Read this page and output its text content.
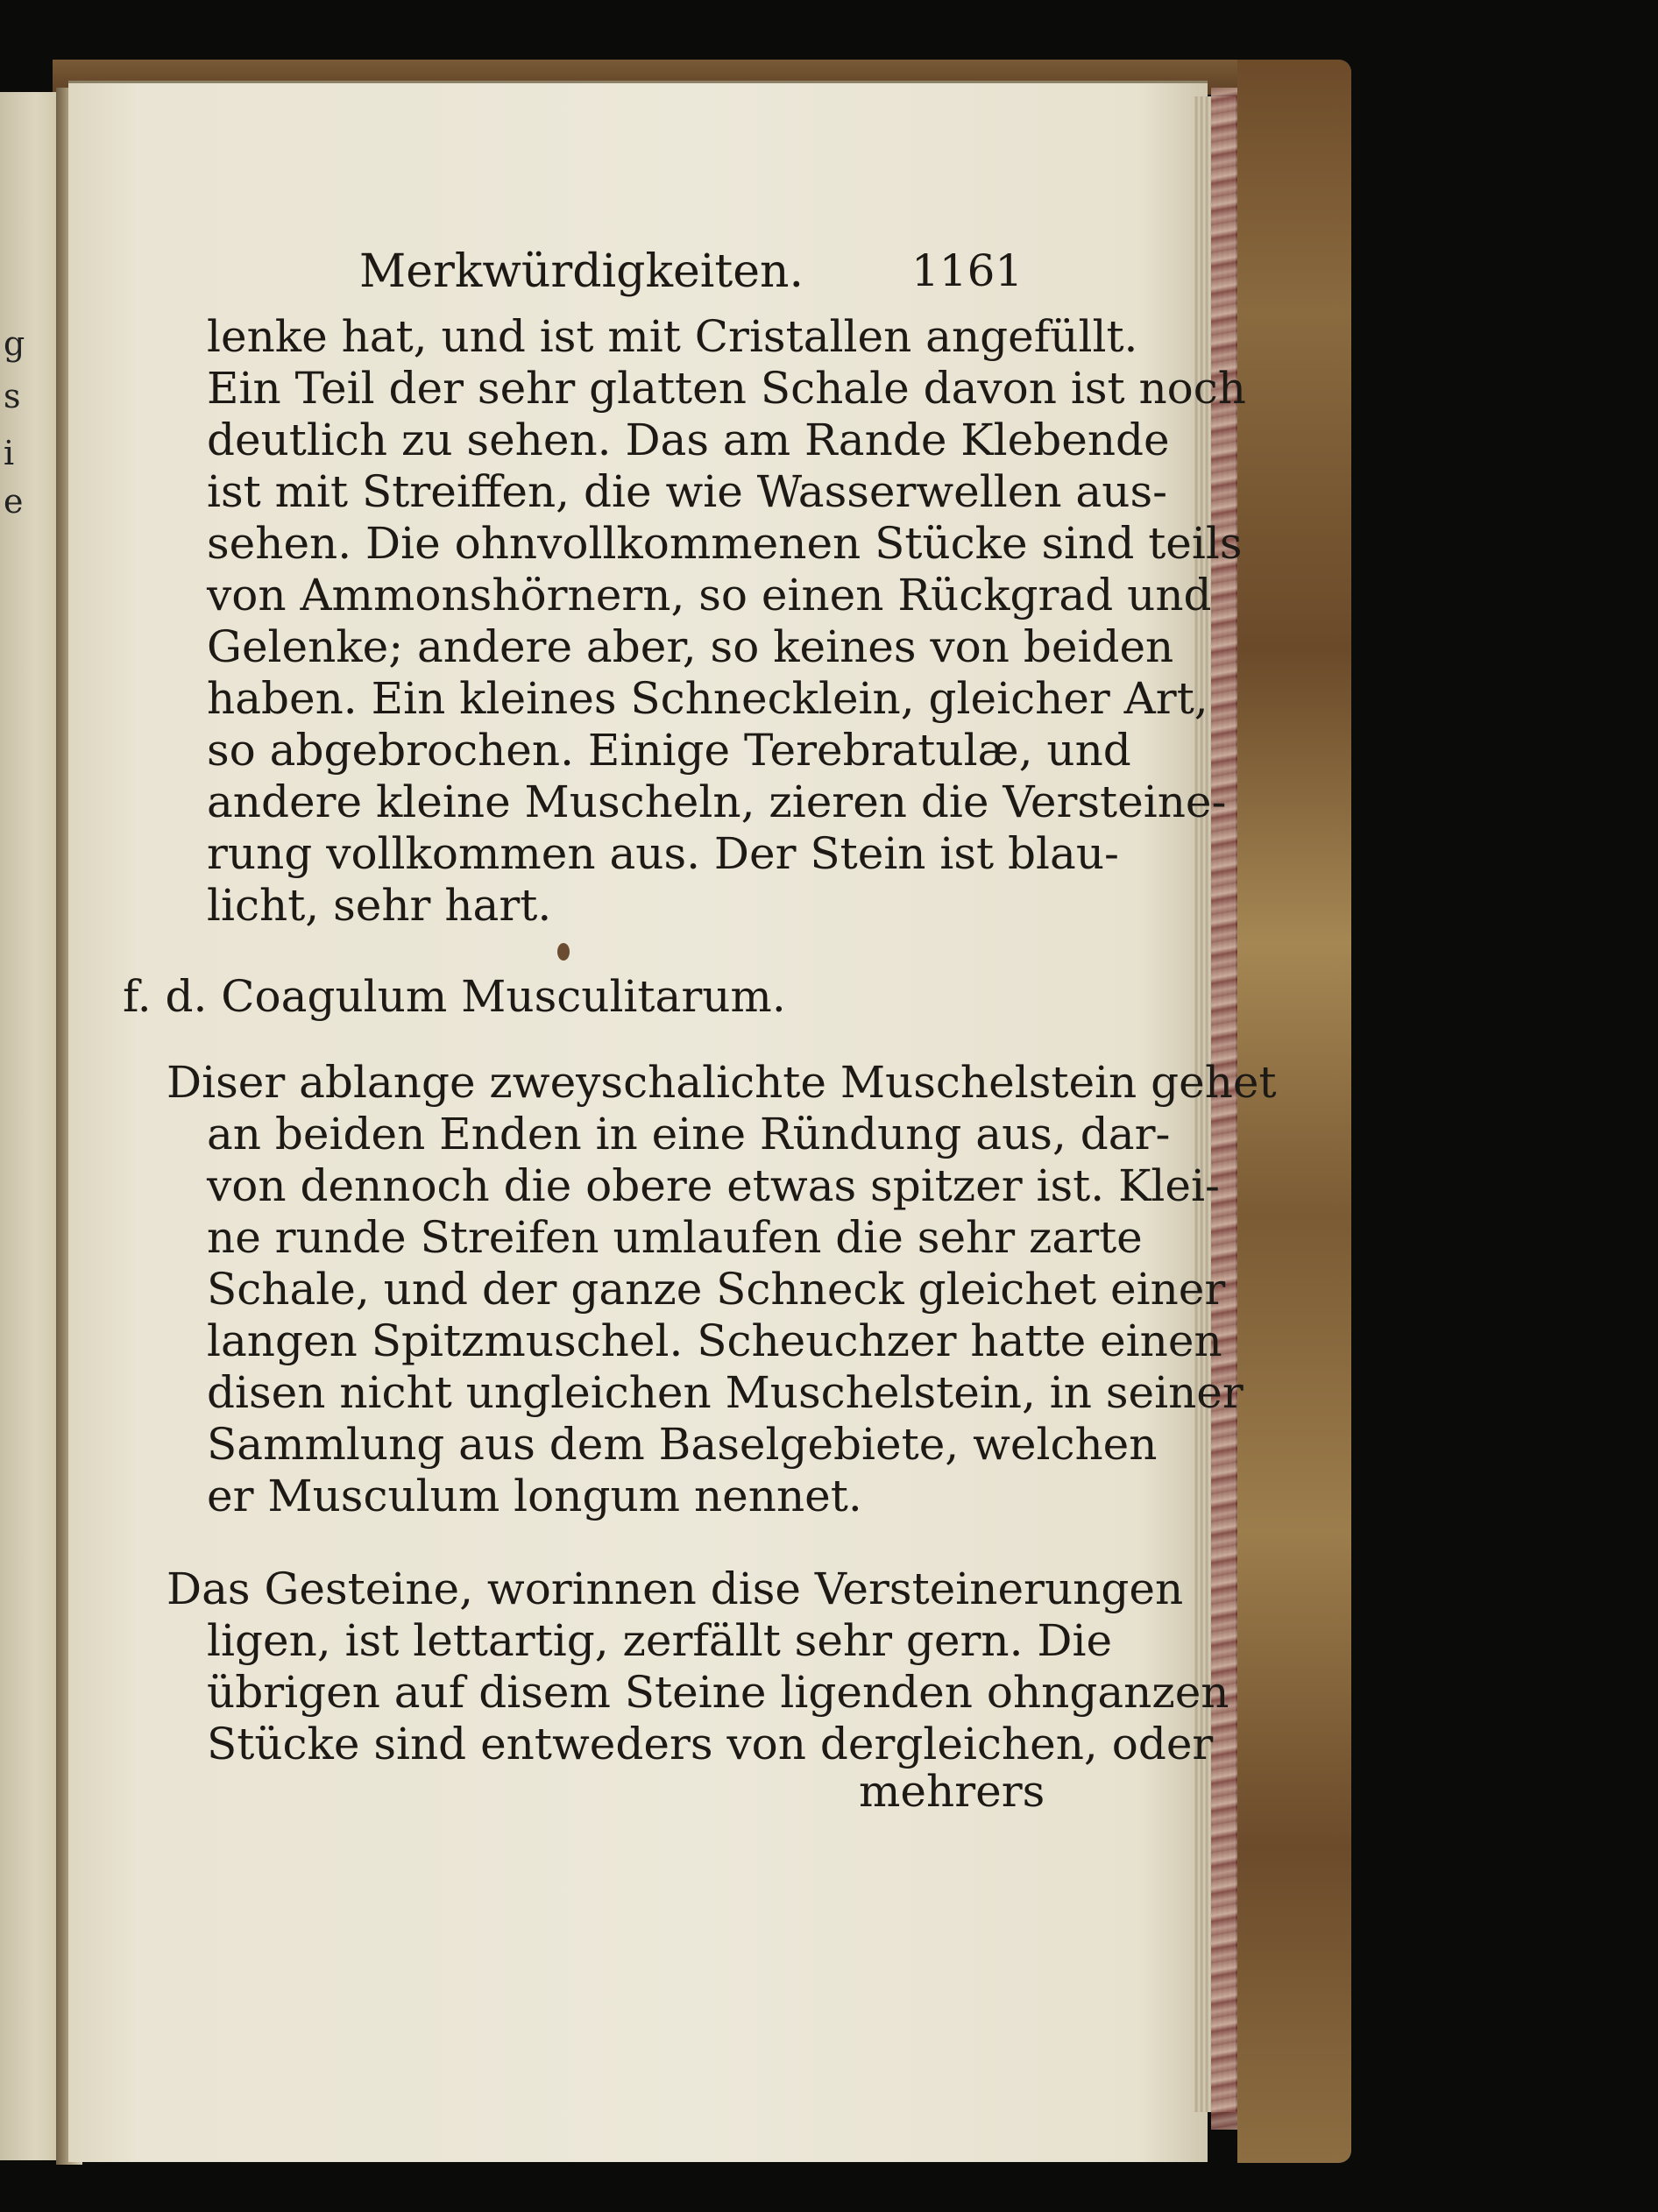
g
s
i
e
Merkwürdigkeiten. 1161
lenke hat, und ist mit Cristallen angefüllt.
Ein Teil der sehr glatten Schale davon ist noch
deutlich zu sehen. Das am Rande Klebende
ist mit Streiffen, die wie Wasserwellen aus-
sehen. Die ohnvollkommenen Stücke sind teils
von Ammonshörnern, so einen Rückgrad und
Gelenke; andere aber, so keines von beiden
haben. Ein kleines Schnecklein, gleicher Art,
so abgebrochen. Einige Terebratulæ, und
andere kleine Muscheln, zieren die Versteine-
rung vollkommen aus. Der Stein ist blau-
licht, sehr hart.
f. d. Coagulum Musculitarum.
Diser ablange zweyschalichte Muschelstein gehet
an beiden Enden in eine Ründung aus, dar-
von dennoch die obere etwas spitzer ist. Klei-
ne runde Streifen umlaufen die sehr zarte
Schale, und der ganze Schneck gleichet einer
langen Spitzmuschel. Scheuchzer hatte einen
disen nicht ungleichen Muschelstein, in seiner
Sammlung aus dem Baselgebiete, welchen
er Musculum longum nennet.
Das Gesteine, worinnen dise Versteinerungen
ligen, ist lettartig, zerfällt sehr gern. Die
übrigen auf disem Steine ligenden ohnganzen
Stücke sind entweders von dergleichen, oder
mehrers
